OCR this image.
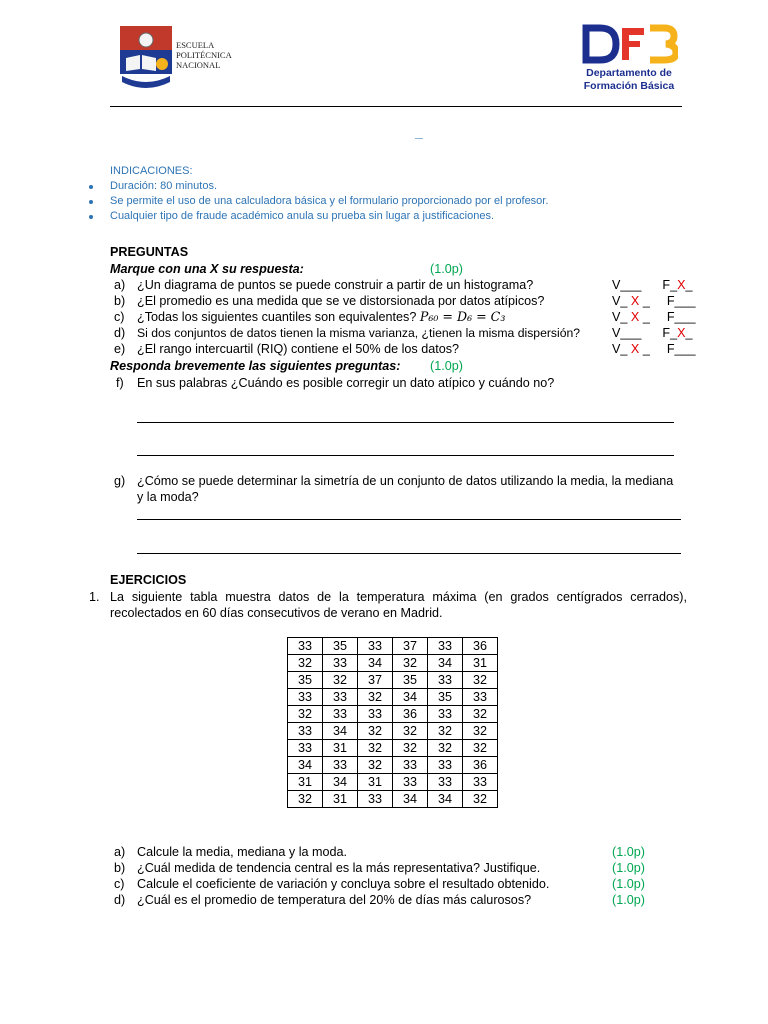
ESCUELA
POLITÉCNICA
NACIONAL
Departamento de
Formación Básica
_
INDICACIONES:
Duración: 80 minutos.
Se permite el uso de una calculadora básica y el formulario proporcionado por el profesor.
Cualquier tipo de fraude académico anula su prueba sin lugar a justificaciones.
PREGUNTAS
Marque con una X su respuesta:	(1.0p)
a) ¿Un diagrama de puntos se puede construir a partir de un histograma?	V___ F_X_
b) ¿El promedio es una medida que se ve distorsionada por datos atípicos?	V_ X _ F___
c) ¿Todas los siguientes cuantiles son equivalentes? P₆₀ = D₆ = C₃	V_ X _ F___
d) Si dos conjuntos de datos tienen la misma varianza, ¿tienen la misma dispersión?	V___ F_X_
e) ¿El rango intercuartil (RIQ) contiene el 50% de los datos?	V_ X _ F___
Responda brevemente las siguientes preguntas: (1.0p)
f) En sus palabras ¿Cuándo es posible corregir un dato atípico y cuándo no?
g) ¿Cómo se puede determinar la simetría de un conjunto de datos utilizando la media, la mediana
y la moda?
EJERCICIOS
1. La siguiente tabla muestra datos de la temperatura máxima (en grados centígrados cerrados),
recolectados en 60 días consecutivos de verano en Madrid.
33	35	33	37	33	36
32	33	34	32	34	31
35	32	37	35	33	32
33	33	32	34	35	33
32	33	33	36	33	32
33	34	32	32	32	32
33	31	32	32	32	32
34	33	32	33	33	36
31	34	31	33	33	33
32	31	33	34	34	32
a) Calcule la media, mediana y la moda.	(1.0p)
b) ¿Cuál medida de tendencia central es la más representativa? Justifique.	(1.0p)
c) Calcule el coeficiente de variación y concluya sobre el resultado obtenido.	(1.0p)
d) ¿Cuál es el promedio de temperatura del 20% de días más calurosos?	(1.0p)
